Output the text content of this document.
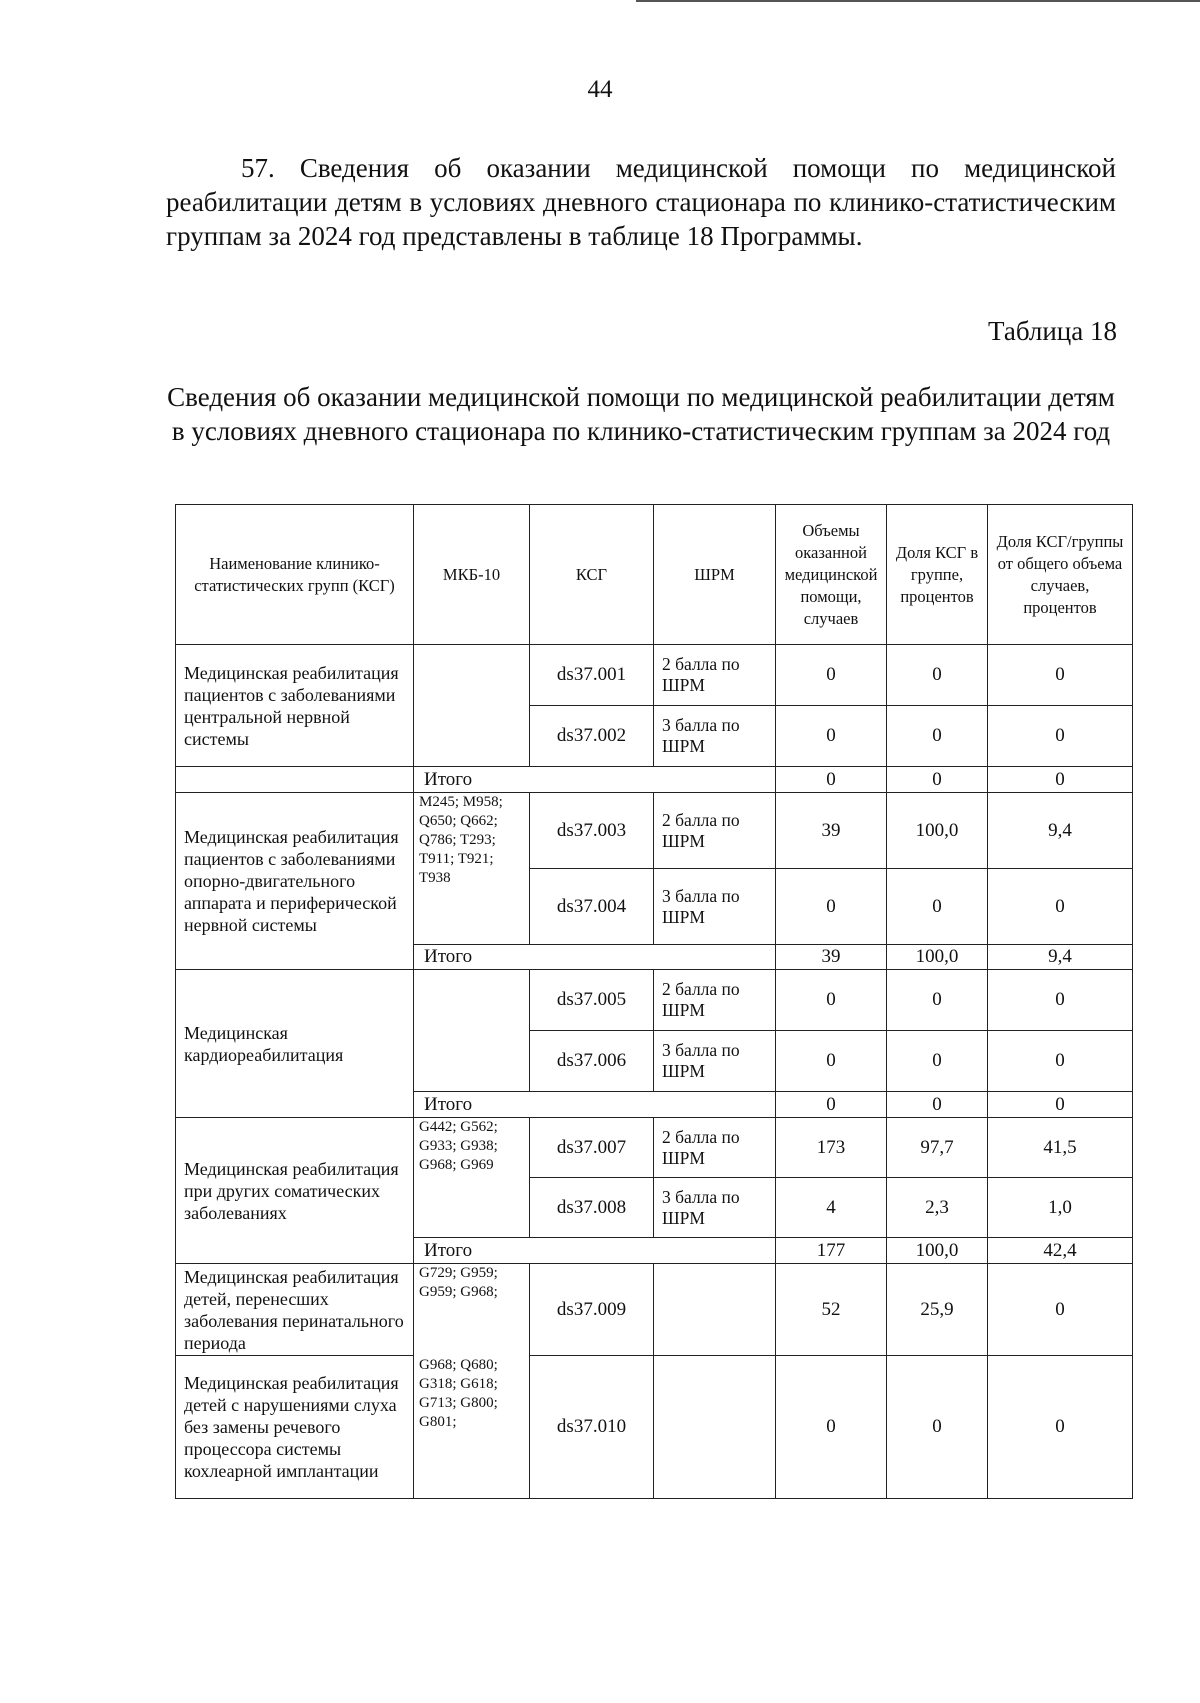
44

57. Сведения об оказании медицинской помощи по медицинской реабилитации детям в условиях дневного стационара по клинико-статистическим группам за 2024 год представлены в таблице 18 Программы.

Таблица 18
Сведения об оказании медицинской помощи по медицинской реабилитации детям в условиях дневного стационара по клинико-статистическим группам за 2024 год
Наименование клинико-статистических групп (КСГ)	МКБ-10	КСГ	ШРМ	Объемы оказанной медицинской помощи, случаев	Доля КСГ в группе, процентов	Доля КСГ/группы от общего объема случаев, процентов
Медицинская реабилитация пациентов с заболеваниями центральной нервной системы		ds37.001	2 балла по ШРМ	0	0	0
		ds37.002	3 балла по ШРМ	0	0	0
	Итого			0	0	0
Медицинская реабилитация пациентов с заболеваниями опорно-двигательного аппарата и периферической нервной системы	M245; M958; Q650; Q662; Q786; T293; T911; T921; T938	ds37.003	2 балла по ШРМ	39	100,0	9,4
		ds37.004	3 балла по ШРМ	0	0	0
	Итого			39	100,0	9,4
Медицинская кардиореабилитация		ds37.005	2 балла по ШРМ	0	0	0
		ds37.006	3 балла по ШРМ	0	0	0
	Итого			0	0	0
Медицинская реабилитация при других соматических заболеваниях	G442; G562; G933; G938; G968; G969	ds37.007	2 балла по ШРМ	173	97,7	41,5
		ds37.008	3 балла по ШРМ	4	2,3	1,0
	Итого			177	100,0	42,4
Медицинская реабилитация детей, перенесших заболевания перинатального периода	G729; G959; G959; G968;	ds37.009		52	25,9	0
Медицинская реабилитация детей с нарушениями слуха без замены речевого процессора системы кохлеарной имплантации	G968; Q680; G318; G618; G713; G800; G801;	ds37.010		0	0	0
